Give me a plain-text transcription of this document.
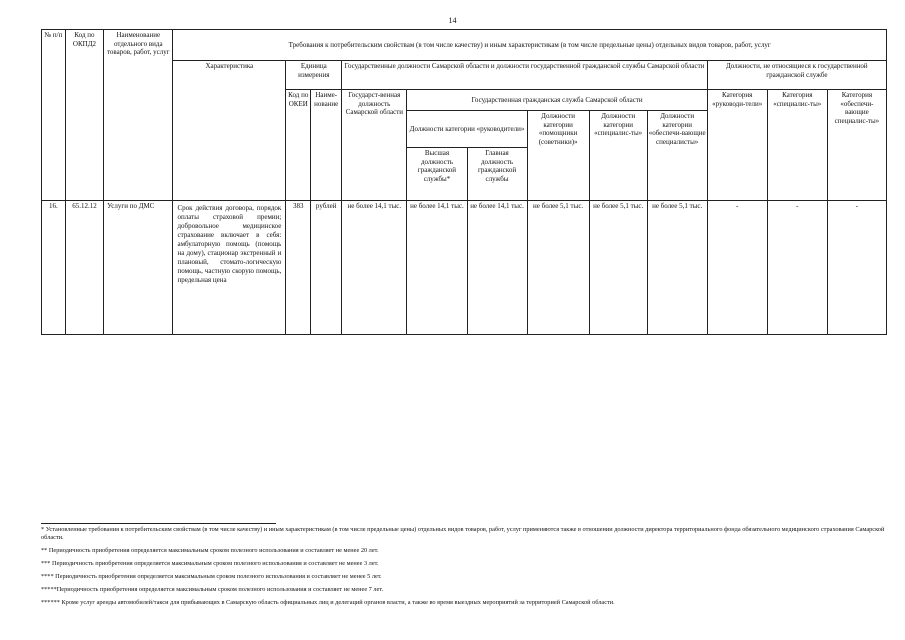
14
№ п/п	Код по ОКПД2	Наименование отдельного вида товаров, работ, услуг	Требования к потребительским свойствам (в том числе качеству) и иным характеристикам (в том числе предельные цены) отдельных видов товаров, работ, услуг											
			Характеристика	Единица измерения		Государственные должности Самарской области и должности государственной гражданской службы Самарской области						Должности, не относящиеся к государственной гражданской службе		
				Код по ОКЕИ	Наиме-нование	Государст-венная должность Самарской области	Государственная гражданская служба Самарской области					Категория «руководи-тели»	Категория «специалис-ты»	Категория «обеспечи-вающие специалис-ты»
							Должности категории «руководители»		Должности категории «помощники (советники)»	Должности категории «специалис-ты»	Должности категории «обеспечи-вающие специалисты»			
							Высшая должность гражданской службы*	Главная должность гражданской службы						
16.	65.12.12	Услуги по ДМС	Срок действия договора, порядок оплаты страховой премии; добровольное медицинское страхование включает в себя: амбулаторную помощь (помощь на дому), стационар экстренный и плановый, стомато-логическую помощь, частную скорую помощь, предельная цена	383	рублей	не более 14,1 тыс.	не более 14,1 тыс.	не более 14,1 тыс.	не более 5,1 тыс.	не более 5,1 тыс.	не более 5,1 тыс.	-	-	-
* Установленные требования к потребительским свойствам (в том числе качеству) и иным характеристикам (в том числе предельные цены) отдельных видов товаров, работ, услуг применяются также в отношении должности директора территориального фонда обязательного медицинского страхования Самарской области.
** Периодичность приобретения определяется максимальным сроком полезного использования и составляет не менее 20 лет.
*** Периодичность приобретения определяется максимальным сроком полезного использования и составляет не менее 3 лет.
**** Периодичность приобретения определяется максимальным сроком полезного использования и составляет не менее 5 лет.
*****Периодичность приобретения определяется максимальным сроком полезного использования и составляет не менее 7 лет.
****** Кроме услуг аренды автомобилей/такси для прибывающих в Самарскую область официальных лиц и делегаций органов власти, а также во время выездных мероприятий за территорией Самарской области.
